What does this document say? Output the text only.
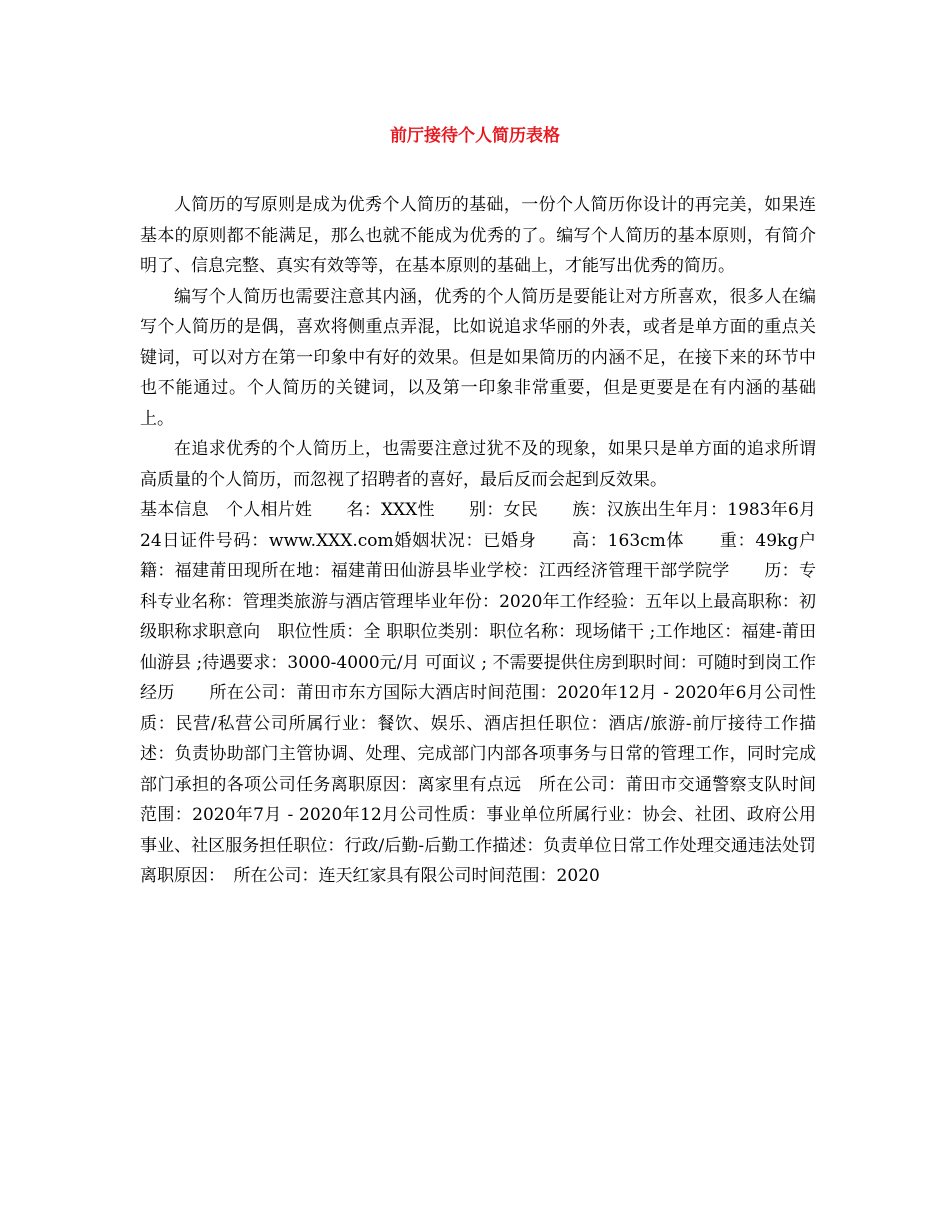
前厅接待个人简历表格

人简历的写原则是成为优秀个人简历的基础，一份个人简历你设计的再完美，如果连基本的原则都不能满足，那么也就不能成为优秀的了。编写个人简历的基本原则，有简介明了、信息完整、真实有效等等，在基本原则的基础上，才能写出优秀的简历。

编写个人简历也需要注意其内涵，优秀的个人简历是要能让对方所喜欢，很多人在编写个人简历的是偶，喜欢将侧重点弄混，比如说追求华丽的外表，或者是单方面的重点关键词，可以对方在第一印象中有好的效果。但是如果简历的内涵不足，在接下来的环节中也不能通过。个人简历的关键词，以及第一印象非常重要，但是更要是在有内涵的基础上。

在追求优秀的个人简历上，也需要注意过犹不及的现象，如果只是单方面的追求所谓高质量的个人简历，而忽视了招聘者的喜好，最后反而会起到反效果。

基本信息　个人相片姓　　名：XXX性　　别：女民　　族：汉族出生年月：1983年6月24日证件号码：www.XXX.com婚姻状况：已婚身　　高：163cm体　　重：49kg户　　籍：福建莆田现所在地：福建莆田仙游县毕业学校：江西经济管理干部学院学　　历：专科专业名称：管理类旅游与酒店管理毕业年份：2020年工作经验：五年以上最高职称：初级职称求职意向　职位性质：全 职职位类别：职位名称：现场储干 ;工作地区：福建-莆田仙游县 ;待遇要求：3000-4000元/月 可面议 ; 不需要提供住房到职时间：可随时到岗工作经历　　所在公司：莆田市东方国际大酒店时间范围：2020年12月 - 2020年6月公司性质：民营/私营公司所属行业：餐饮、娱乐、酒店担任职位：酒店/旅游-前厅接待工作描述：负责协助部门主管协调、处理、完成部门内部各项事务与日常的管理工作，同时完成部门承担的各项公司任务离职原因：离家里有点远　所在公司：莆田市交通警察支队时间范围：2020年7月 - 2020年12月公司性质：事业单位所属行业：协会、社团、政府公用事业、社区服务担任职位：行政/后勤-后勤工作描述：负责单位日常工作处理交通违法处罚离职原因：　所在公司：连天红家具有限公司时间范围：2020
